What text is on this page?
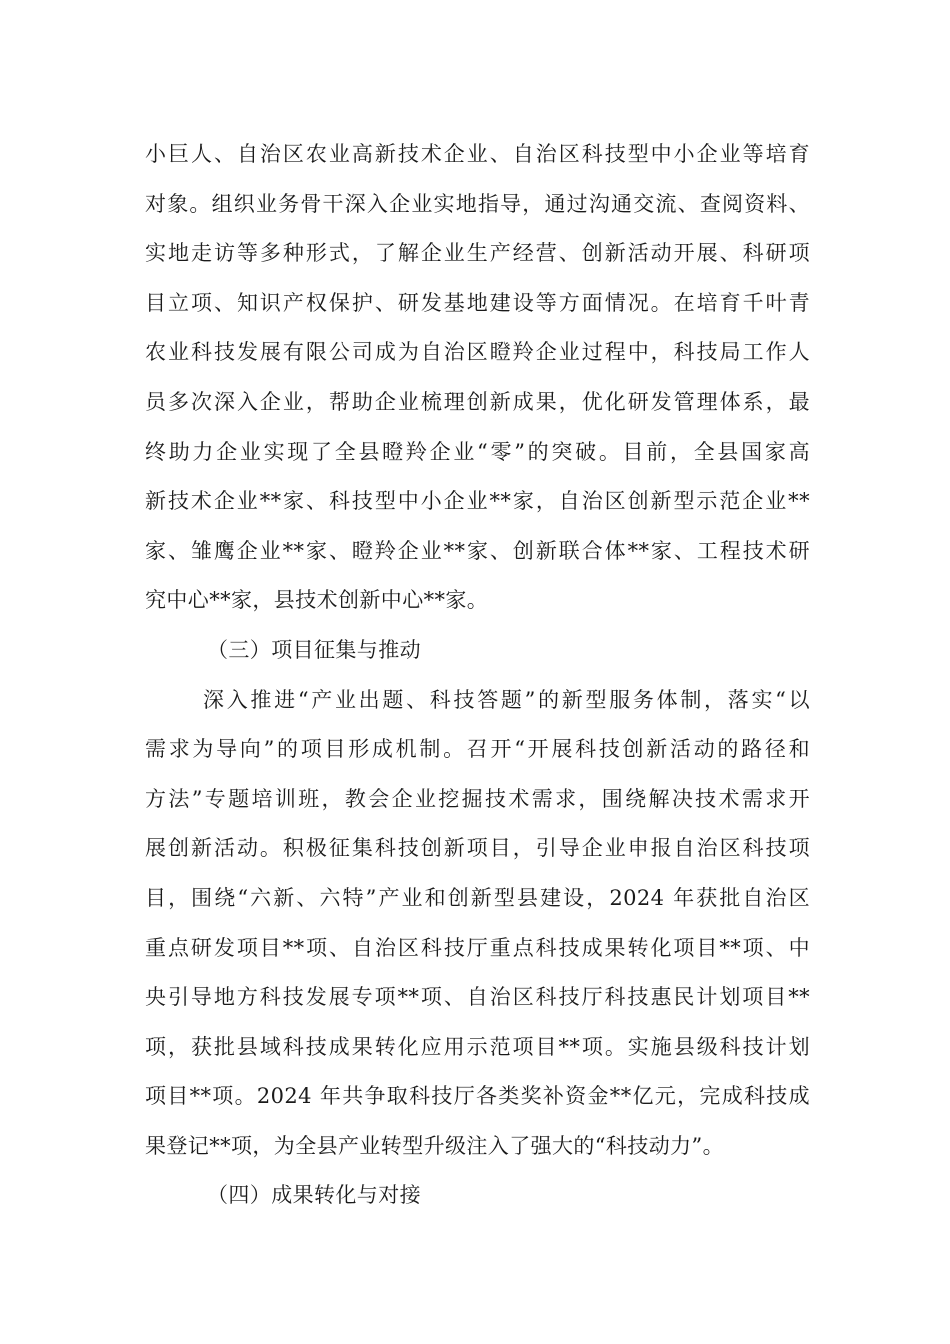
小巨人、自治区农业高新技术企业、自治区科技型中小企业等培育
对象。组织业务骨干深入企业实地指导，通过沟通交流、查阅资料、
实地走访等多种形式，了解企业生产经营、创新活动开展、科研项
目立项、知识产权保护、研发基地建设等方面情况。在培育千叶青
农业科技发展有限公司成为自治区瞪羚企业过程中，科技局工作人
员多次深入企业，帮助企业梳理创新成果，优化研发管理体系，最
终助力企业实现了全县瞪羚企业“零”的突破。目前，全县国家高
新技术企业**家、科技型中小企业**家，自治区创新型示范企业**
家、雏鹰企业**家、瞪羚企业**家、创新联合体**家、工程技术研
究中心**家，县技术创新中心**家。
（三）项目征集与推动
深入推进“产业出题、科技答题”的新型服务体制，落实“以
需求为导向”的项目形成机制。召开“开展科技创新活动的路径和
方法”专题培训班，教会企业挖掘技术需求，围绕解决技术需求开
展创新活动。积极征集科技创新项目，引导企业申报自治区科技项
目，围绕“六新、六特”产业和创新型县建设，2024 年获批自治区
重点研发项目**项、自治区科技厅重点科技成果转化项目**项、中
央引导地方科技发展专项**项、自治区科技厅科技惠民计划项目**
项，获批县域科技成果转化应用示范项目**项。实施县级科技计划
项目**项。2024 年共争取科技厅各类奖补资金**亿元，完成科技成
果登记**项，为全县产业转型升级注入了强大的“科技动力”。
（四）成果转化与对接
